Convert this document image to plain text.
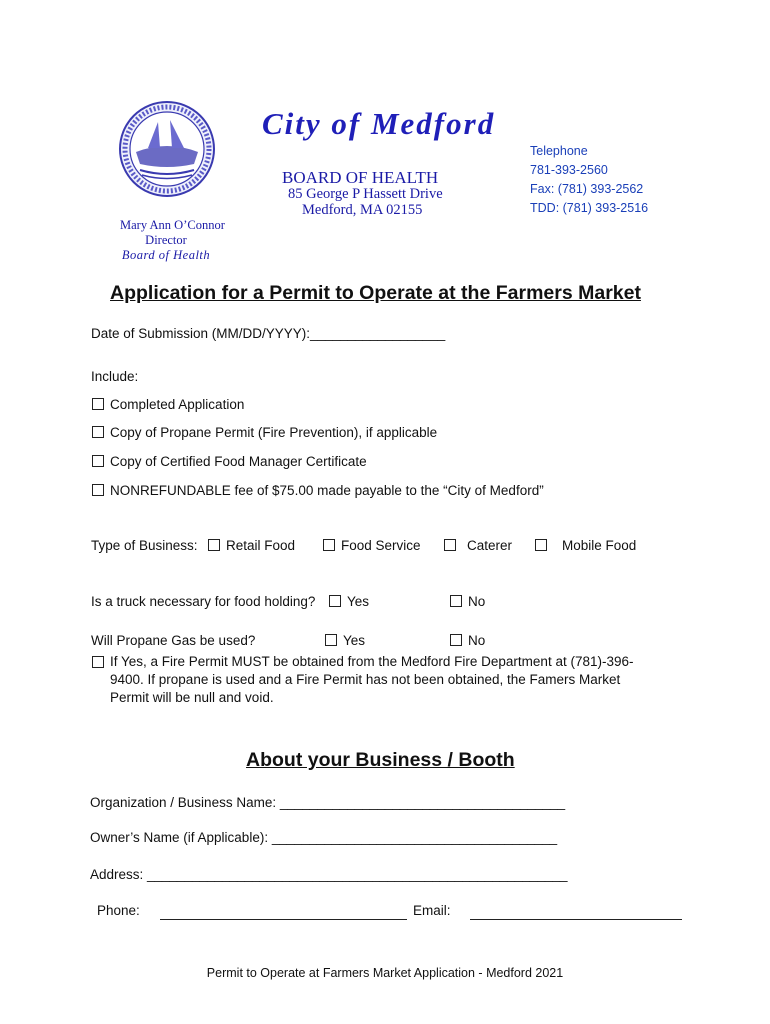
City of Medford
BOARD OF HEALTH
85 George P Hassett Drive
Medford, MA 02155
Telephone
781-393-2560
Fax: (781) 393-2562
TDD: (781) 393-2516
Mary Ann O’Connor
Director
Board of Health
Application for a Permit to Operate at the Farmers Market
Date of Submission (MM/DD/YYYY):__________________
Include:
Completed Application
Copy of Propane Permit (Fire Prevention), if applicable
Copy of Certified Food Manager Certificate
NONREFUNDABLE fee of $75.00 made payable to the “City of Medford”
Type of Business:	Retail Food	Food Service	Caterer	Mobile Food
Is a truck necessary for food holding?	Yes	No
Will Propane Gas be used?	Yes	No
If Yes, a Fire Permit MUST be obtained from the Medford Fire Department at (781)-396-9400. If propane is used and a Fire Permit has not been obtained, the Famers Market Permit will be null and void.
About your Business / Booth
Organization / Business Name: ______________________________________
Owner’s Name (if Applicable): ______________________________________
Address: ________________________________________________________
Phone:	Email:
Permit to Operate at Farmers Market Application - Medford 2021
